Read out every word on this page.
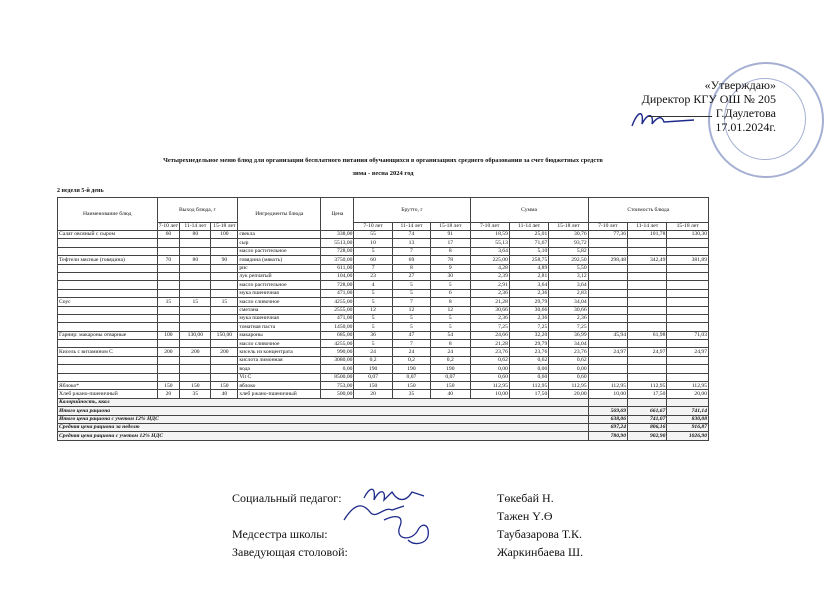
«Утверждаю»
Директор КГУ ОШ № 205
Г.Даулетова
17.01.2024г.
Четырехнедельное меню блюд для организации бесплатного питания обучающихся в организациях среднего образования за счет бюджетных средств
зима - весна 2024 год
2 неделя 5-й день
Наименование блюд	Выход блюда, г			Ингредиенты блюда	Цена	Брутто, г			Сумма			Стоимость блюда		
	7-10 лет	11-14 лет	15-18 лет			7-10 лет	11-14 лет	15-18 лет	7-10 лет	11-14 лет	15-18 лет	7-10 лет	11-14 лет	15-18 лет
Салат овсяный с сыром	60	80	100	свекла	338,00	55	74	91	18,59	25,01	30,76	77,36	101,78	130,30
				сыр	5513,00	10	13	17	55,13	71,67	93,72			
				масло растительное	728,00	5	7	8	3,64	5,10	5,82			
Тефтели мясные (говядина)	70	80	90	говядина (мякоть)	3750,00	60	69	78	225,00	258,75	292,50	298,48	342,49	381,89
				рис	611,00	7	8	9	4,28	4,89	5,50			
				лук репчатый	104,00	23	27	30	2,39	2,81	3,12			
				масло растительное	728,00	4	5	5	2,91	3,64	3,64			
				мука пшеничная	471,00	5	5	6	2,36	2,36	2,83			
Соус	15	15	15	масло сливочное	4255,00	5	7	8	21,28	29,79	34,04			
				сметана	2555,00	12	12	12	30,66	30,66	30,66			
				мука пшеничная	471,00	5	5	5	2,36	2,36	2,36			
				томатная паста	1450,00	5	5	5	7,25	7,25	7,25			
Гарнир: макароны отварные	100	130,00	150,00	макароны	685,00	36	47	54	24,66	32,20	36,99	45,94	61,98	71,03
				масло сливочное	4255,00	5	7	8	21,28	29,79	34,04			
Кисель с витамином С	200	200	200	кисель из концентрата	990,00	24	24	24	23,76	23,76	23,76	24,97	24,97	24,97
				кислота лимонная	3080,00	0,2	0,2	0,2	0,62	0,62	0,62			
				вода	0,00	190	190	190	0,00	0,00	0,00			
				Vit C	8500,00	0,07	0,07	0,07	0,60	0,60	0,60			
Яблоко*	150	150	150	яблоко	753,00	150	150	150	112,95	112,95	112,95	112,95	112,95	112,95
Хлеб ржано-пшеничный	20	35	40	хлеб ржано-пшеничный	500,00	20	35	40	10,00	17,50	20,00	10,00	17,50	20,00
Калорийность, ккал														
Итого цена рациона												569,69	661,67	741,14
Итого цена рациона с учетом 12% НДС												638,06	741,07	830,08
Средняя цена рациона за неделю												697,24	806,16	916,87
Средняя цена рациона с учетом 12% НДС												780,90	902,90	1026,90
Социальный педагог:	Төкебай Н.
Тажен Ү.Ө
Медсестра школы:	Таубазарова Т.К.
Заведующая столовой:	Жаркинбаева Ш.
